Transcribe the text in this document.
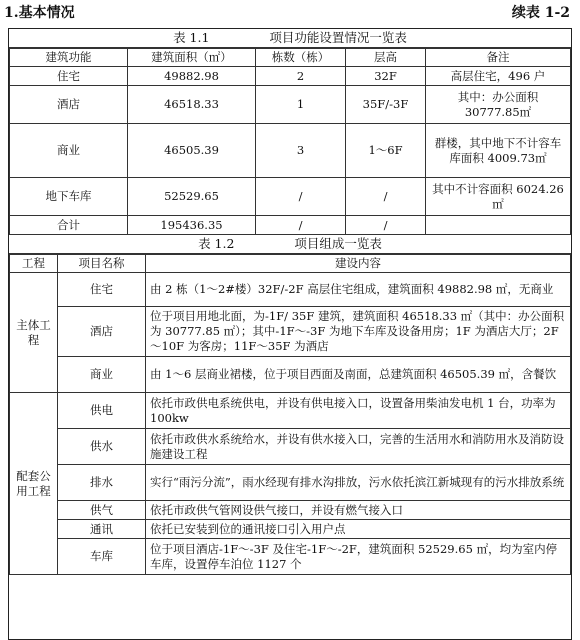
1.基本情况	续表 1-2
表 1.1	项目功能设置情况一览表
建筑功能	建筑面积（㎡）	栋数（栋）	层高	备注
住宅	49882.98	2	32F	高层住宅，496 户
酒店	46518.33	1	35F/-3F	其中：办公面积 30777.85㎡
商业	46505.39	3	1～6F	群楼，其中地下不计容车库面积 4009.73㎡
地下车库	52529.65	/	/	其中不计容面积 6024.26㎡
合计	195436.35	/	/	
表 1.2	项目组成一览表
工程	项目名称	建设内容
主体工程	住宅	由 2 栋（1～2#楼）32F/-2F 高层住宅组成，建筑面积 49882.98 ㎡，无商业
	酒店	位于项目用地北面，为-1F/ 35F 建筑，建筑面积 46518.33 ㎡（其中：办公面积为 30777.85 ㎡）；其中-1F～-3F 为地下车库及设备用房；1F 为酒店大厅；2F～10F 为客房；11F～35F 为酒店
	商业	由 1～6 层商业裙楼，位于项目西面及南面，总建筑面积 46505.39 ㎡，含餐饮
配套公用工程	供电	依托市政供电系统供电，并设有供电接入口，设置备用柴油发电机 1 台，功率为 100kw
	供水	依托市政供水系统给水，并设有供水接入口，完善的生活用水和消防用水及消防设施建设工程
	排水	实行“雨污分流”，雨水经现有排水沟排放，污水依托滨江新城现有的污水排放系统
	供气	依托市政供气管网设供气接口，并设有燃气接入口
	通讯	依托已安装到位的通讯接口引入用户点
	车库	位于项目酒店-1F～-3F 及住宅-1F～-2F，建筑面积 52529.65 ㎡，均为室内停车库，设置停车泊位 1127 个
